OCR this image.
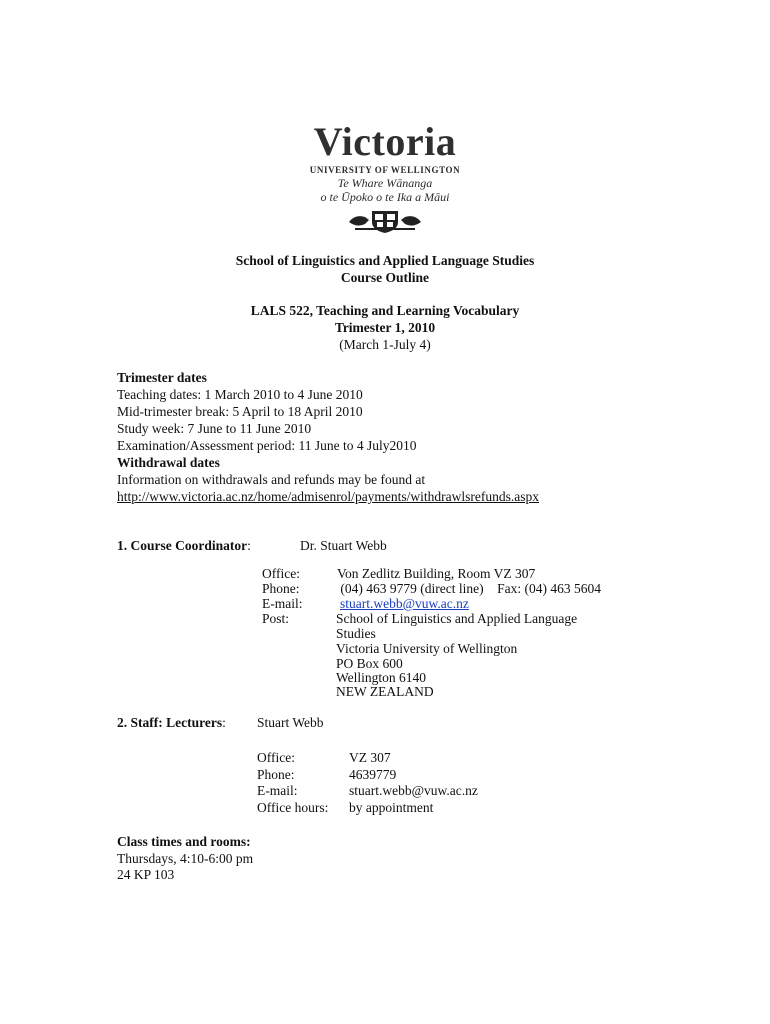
Victoria
UNIVERSITY OF WELLINGTON
Te Whare Wānanga
o te Ūpoko o te Ika a Māui
School of Linguistics and Applied Language Studies
Course Outline
LALS 522, Teaching and Learning Vocabulary
Trimester 1, 2010
(March 1-July 4)
Trimester dates
Teaching dates: 1 March 2010 to 4 June 2010
Mid-trimester break: 5 April to 18 April 2010
Study week: 7 June to 11 June 2010
Examination/Assessment period: 11 June to 4 July2010
Withdrawal dates
Information on withdrawals and refunds may be found at
http://www.victoria.ac.nz/home/admisenrol/payments/withdrawlsrefunds.aspx
1. Course Coordinator:	Dr. Stuart Webb
Office:	Von Zedlitz Building, Room VZ 307
Phone:	(04) 463 9779 (direct line)    Fax: (04) 463 5604
E-mail:	stuart.webb@vuw.ac.nz
Post:	School of Linguistics and Applied Language
Studies
Victoria University of Wellington
PO Box 600
Wellington 6140
NEW ZEALAND
2. Staff: Lecturers: Stuart Webb
Office:	VZ 307
Phone:	4639779
E-mail:	stuart.webb@vuw.ac.nz
Office hours: by appointment
Class times and rooms:
Thursdays, 4:10-6:00 pm
24 KP 103
